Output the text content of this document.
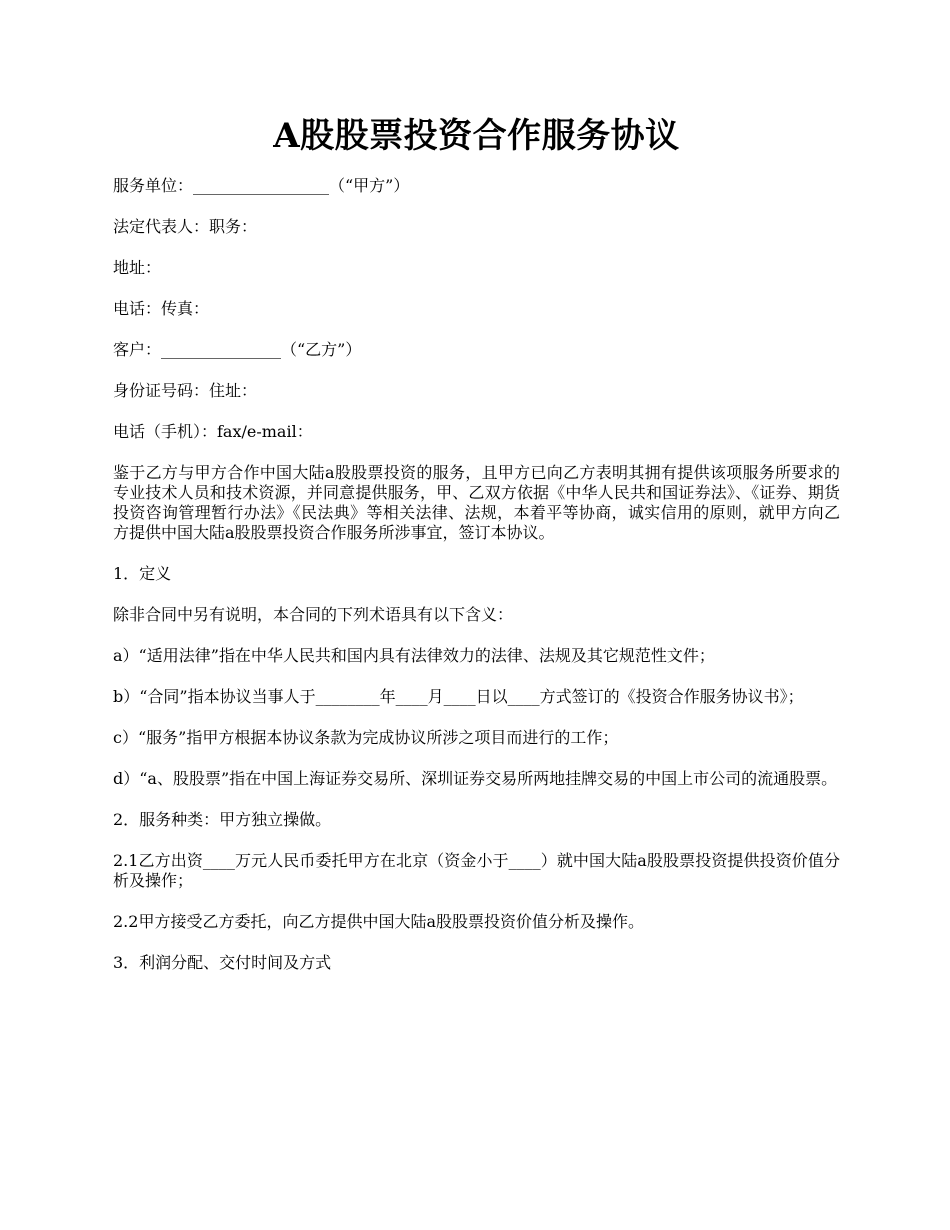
A股股票投资合作服务协议

服务单位：_________________（“甲方”）

法定代表人：职务：

地址：

电话：传真：

客户：_______________（“乙方”）

身份证号码：住址：

电话（手机）：fax/e-mail：

鉴于乙方与甲方合作中国大陆a股股票投资的服务，且甲方已向乙方表明其拥有提供该项服务所要求的专业技术人员和技术资源，并同意提供服务，甲、乙双方依据《中华人民共和国证券法》、《证券、期货投资咨询管理暂行办法》《民法典》等相关法律、法规，本着平等协商，诚实信用的原则，就甲方向乙方提供中国大陆a股股票投资合作服务所涉事宜，签订本协议。

1．定义

除非合同中另有说明，本合同的下列术语具有以下含义：

a）“适用法律”指在中华人民共和国内具有法律效力的法律、法规及其它规范性文件；

b）“合同”指本协议当事人于________年____月____日以____方式签订的《投资合作服务协议书》；

c）“服务”指甲方根据本协议条款为完成协议所涉之项目而进行的工作；

d）“a、股股票”指在中国上海证券交易所、深圳证券交易所两地挂牌交易的中国上市公司的流通股票。

2．服务种类：甲方独立操做。

2.1乙方出资____万元人民币委托甲方在北京（资金小于____）就中国大陆a股股票投资提供投资价值分析及操作；

2.2甲方接受乙方委托，向乙方提供中国大陆a股股票投资价值分析及操作。

3．利润分配、交付时间及方式
